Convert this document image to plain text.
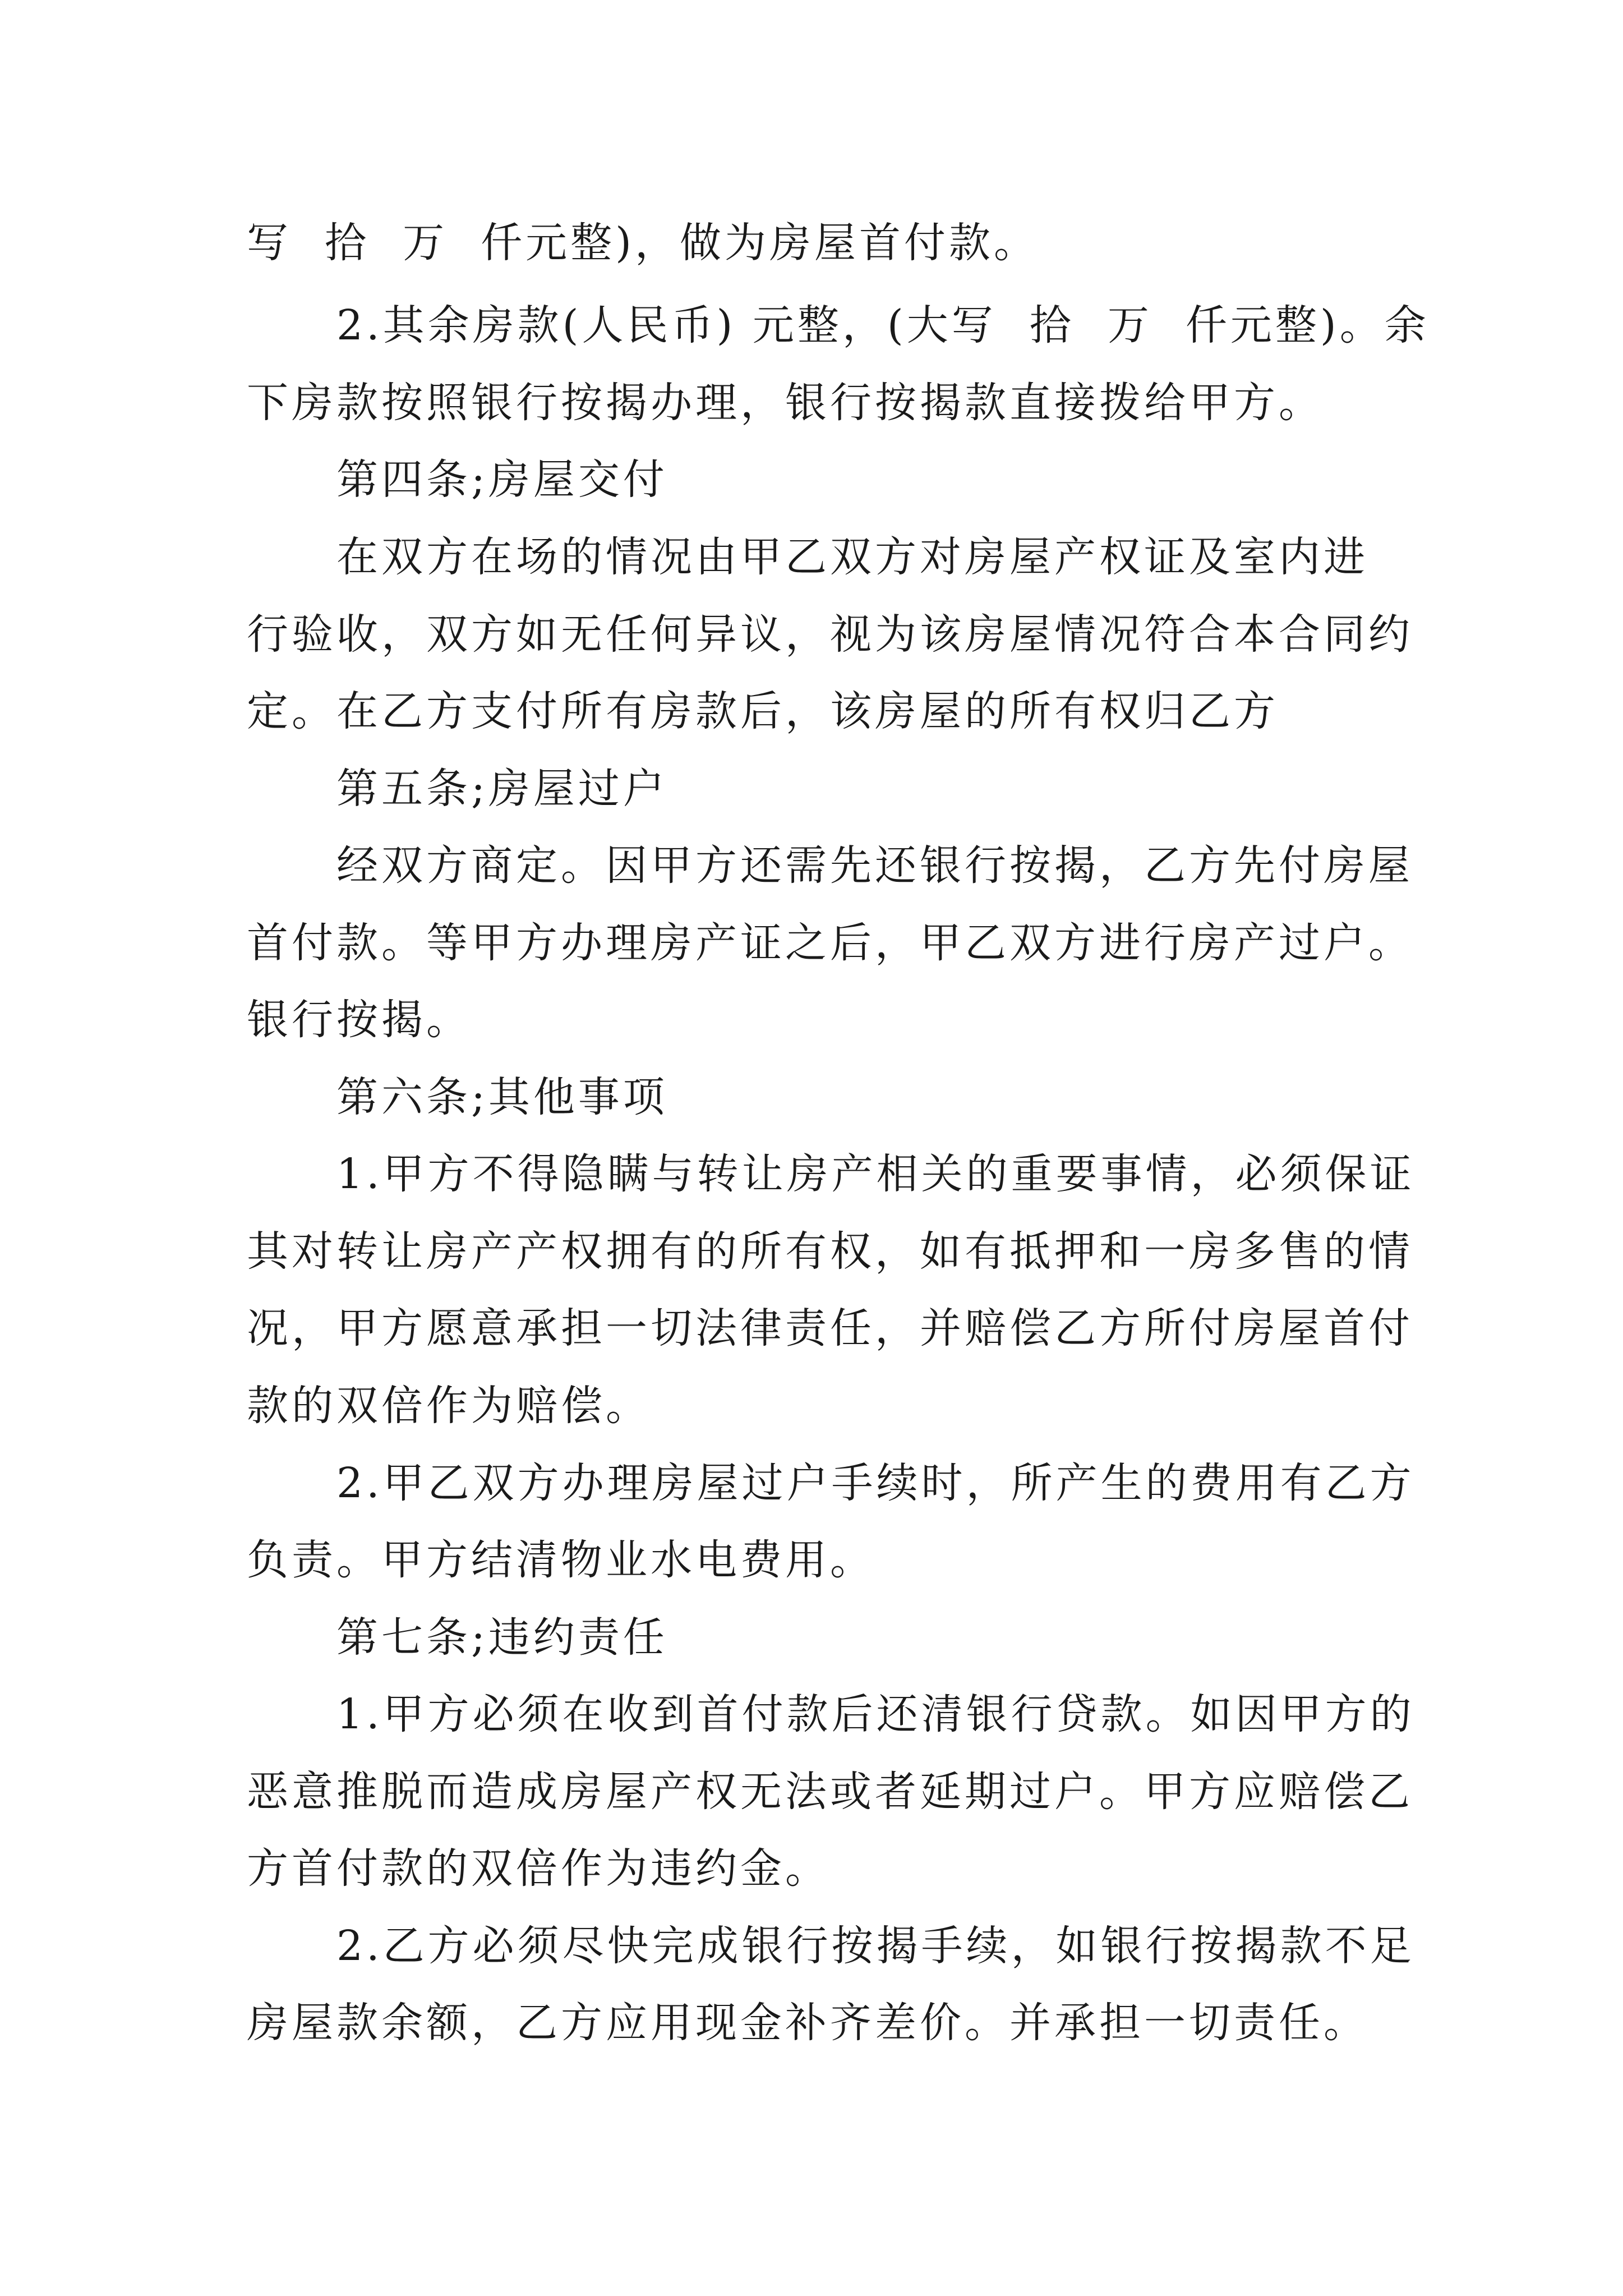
写  拾  万  仟元整)，做为房屋首付款。
2.其余房款(人民币) 元整，(大写  拾  万  仟元整)。余
下房款按照银行按揭办理，银行按揭款直接拨给甲方。
第四条;房屋交付
在双方在场的情况由甲乙双方对房屋产权证及室内进
行验收，双方如无任何异议，视为该房屋情况符合本合同约
定。在乙方支付所有房款后，该房屋的所有权归乙方
第五条;房屋过户
经双方商定。因甲方还需先还银行按揭，乙方先付房屋
首付款。等甲方办理房产证之后，甲乙双方进行房产过户。
银行按揭。
第六条;其他事项
1.甲方不得隐瞒与转让房产相关的重要事情，必须保证
其对转让房产产权拥有的所有权，如有抵押和一房多售的情
况，甲方愿意承担一切法律责任，并赔偿乙方所付房屋首付
款的双倍作为赔偿。
2.甲乙双方办理房屋过户手续时，所产生的费用有乙方
负责。甲方结清物业水电费用。
第七条;违约责任
1.甲方必须在收到首付款后还清银行贷款。如因甲方的
恶意推脱而造成房屋产权无法或者延期过户。甲方应赔偿乙
方首付款的双倍作为违约金。
2.乙方必须尽快完成银行按揭手续，如银行按揭款不足
房屋款余额，乙方应用现金补齐差价。并承担一切责任。
